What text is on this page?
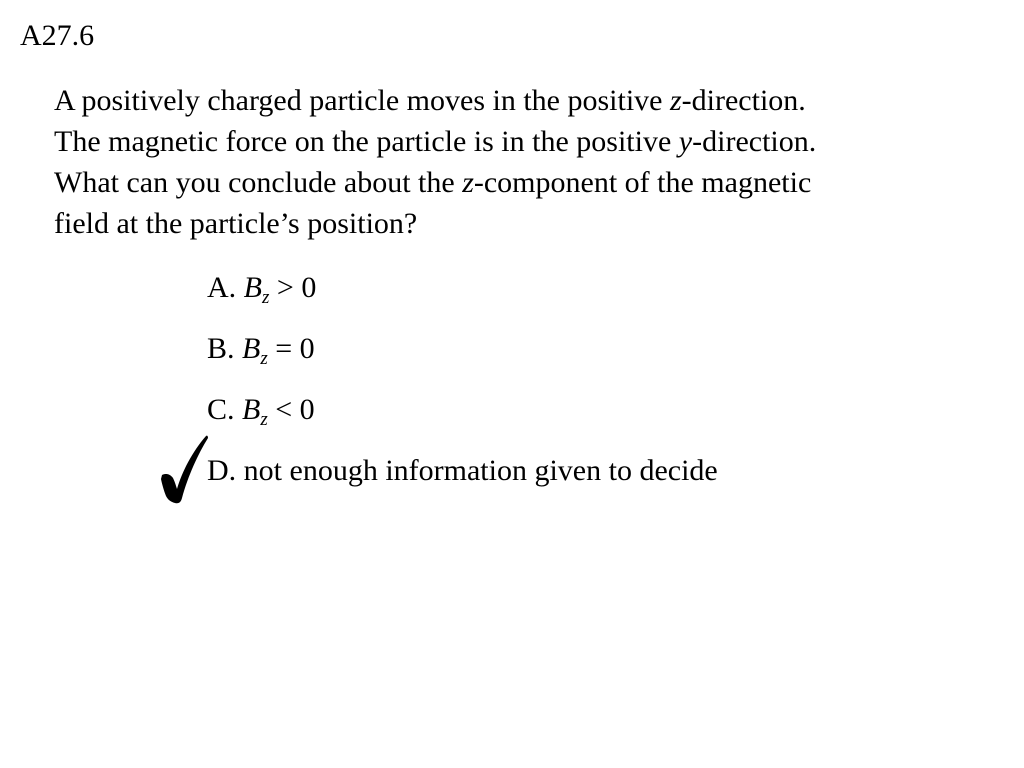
A27.6
A positively charged particle moves in the positive z-direction.
The magnetic force on the particle is in the positive y-direction.
What can you conclude about the z-component of the magnetic
field at the particle’s position?
A. $B_z > 0$
B. $B_z = 0$
C. $B_z < 0$
D. not enough information given to decide
